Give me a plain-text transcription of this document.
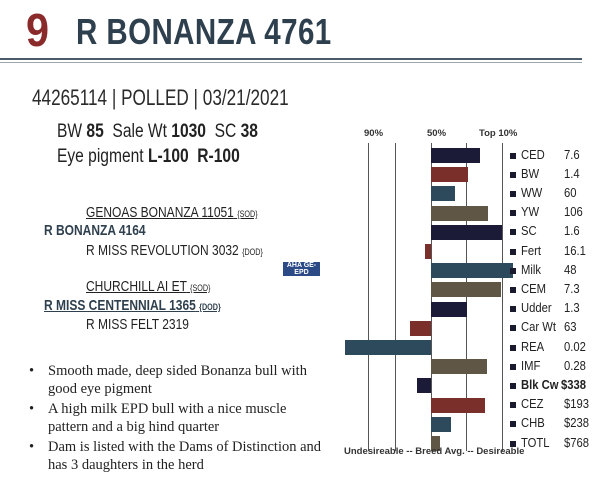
9 R BONANZA 4761
44265114 | POLLED | 03/21/2021
BW 85  Sale Wt 1030  SC 38
Eye pigment L-100 R-100
GENOAS BONANZA 11051 {SOD}
R BONANZA 4164
R MISS REVOLUTION 3032 {DOD}
CHURCHILL AI ET {SOD}
R MISS CENTENNIAL 1365 {DOD}
R MISS FELT 2319
AHA GE-EPD
• Smooth made, deep sided Bonanza bull with good eye pigment
• A high milk EPD bull with a nice muscle pattern and a big hind quarter
• Dam is listed with the Dams of Distinction and has 3 daughters in the herd
90%	50%	Top 10%
CED 7.6
BW 1.4
WW 60
YW 106
SC 1.6
Fert 16.1
Milk 48
CEM 7.3
Udder 1.3
Car Wt 63
REA 0.02
IMF 0.28
Blk Cw $338
CEZ $193
CHB $238
TOTL $768
Undesireable -- Breed Avg. -- Desireable
